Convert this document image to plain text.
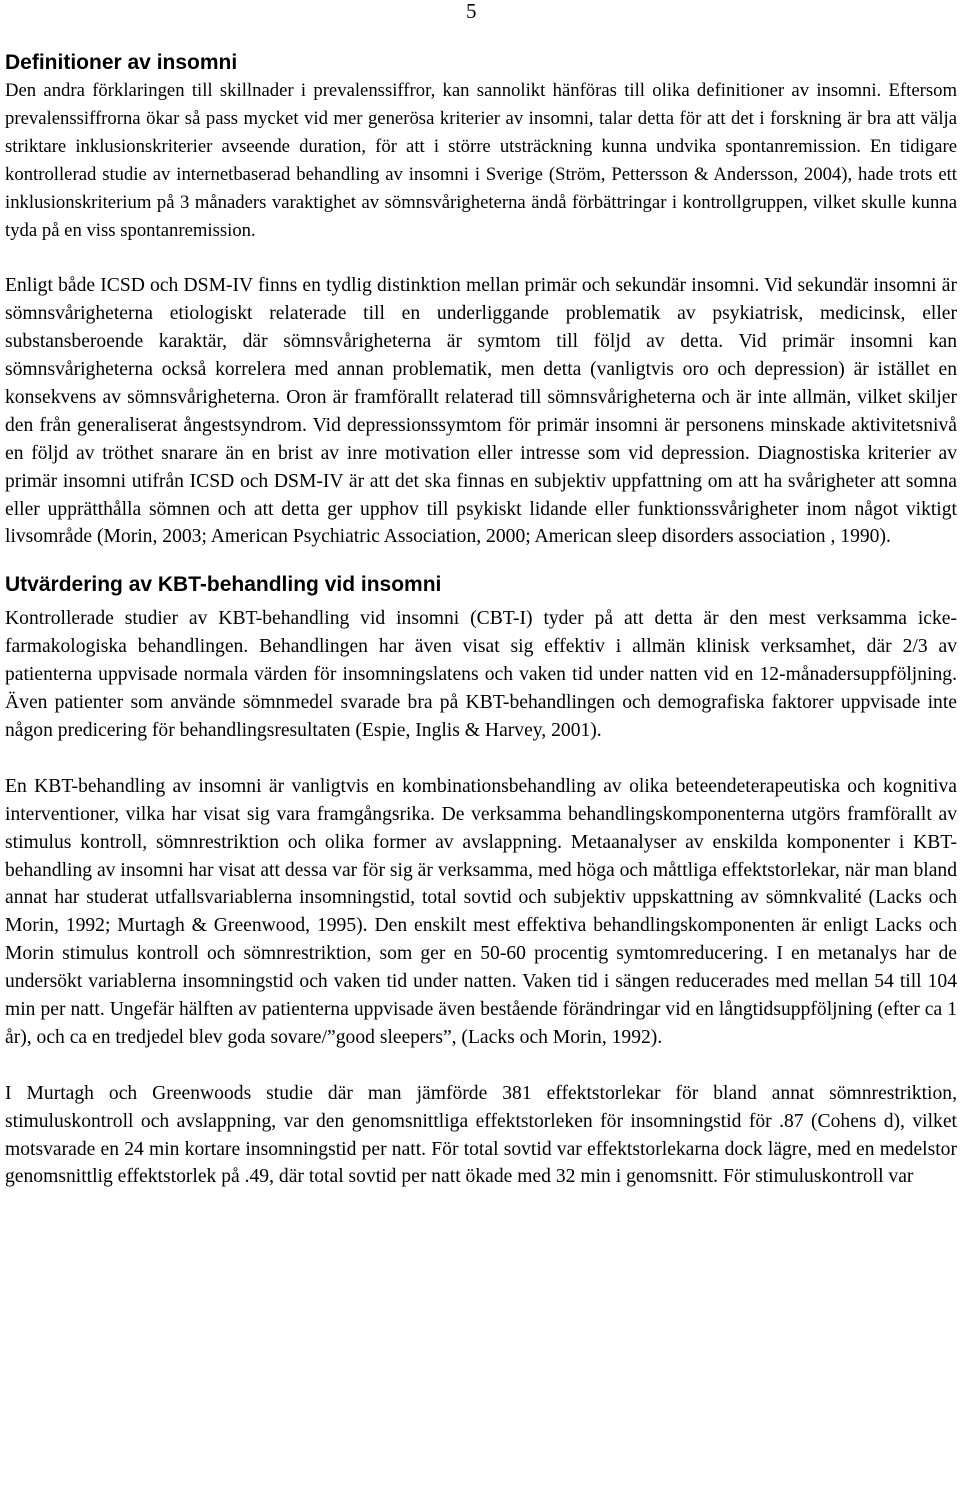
5
Definitioner av insomni

Den andra förklaringen till skillnader i prevalenssiffror, kan sannolikt hänföras till olika definitioner av insomni. Eftersom prevalenssiffrorna ökar så pass mycket vid mer generösa kriterier av insomni, talar detta för att det i forskning är bra att välja striktare inklusionskriterier avseende duration, för att i större utsträckning kunna undvika spontanremission. En tidigare kontrollerad studie av internetbaserad behandling av insomni i Sverige (Ström, Pettersson & Andersson, 2004), hade trots ett inklusionskriterium på 3 månaders varaktighet av sömnsvårigheterna ändå förbättringar i kontrollgruppen, vilket skulle kunna tyda på en viss spontanremission.

Enligt både ICSD och DSM-IV finns en tydlig distinktion mellan primär och sekundär insomni. Vid sekundär insomni är sömnsvårigheterna etiologiskt relaterade till en underliggande problematik av psykiatrisk, medicinsk, eller substansberoende karaktär, där sömnsvårigheterna är symtom till följd av detta. Vid primär insomni kan sömnsvårigheterna också korrelera med annan problematik, men detta (vanligtvis oro och depression) är istället en konsekvens av sömnsvårigheterna. Oron är framförallt relaterad till sömnsvårigheterna och är inte allmän, vilket skiljer den från generaliserat ångestsyndrom. Vid depressionssymtom för primär insomni är personens minskade aktivitetsnivå en följd av tröthet snarare än en brist av inre motivation eller intresse som vid depression. Diagnostiska kriterier av primär insomni utifrån ICSD och DSM-IV är att det ska finnas en subjektiv uppfattning om att ha svårigheter att somna eller upprätthålla sömnen och att detta ger upphov till psykiskt lidande eller funktionssvårigheter inom något viktigt livsområde (Morin, 2003; American Psychiatric Association, 2000; American sleep disorders association , 1990).

Utvärdering av KBT-behandling vid insomni

Kontrollerade studier av KBT-behandling vid insomni (CBT-I) tyder på att detta är den mest verksamma icke-farmakologiska behandlingen. Behandlingen har även visat sig effektiv i allmän klinisk verksamhet, där 2/3 av patienterna uppvisade normala värden för insomningslatens och vaken tid under natten vid en 12-månadersuppföljning. Även patienter som använde sömnmedel svarade bra på KBT-behandlingen och demografiska faktorer uppvisade inte någon predicering för behandlingsresultaten (Espie, Inglis & Harvey, 2001).

En KBT-behandling av insomni är vanligtvis en kombinationsbehandling av olika beteendeterapeutiska och kognitiva interventioner, vilka har visat sig vara framgångsrika. De verksamma behandlingskomponenterna utgörs framförallt av stimulus kontroll, sömnrestriktion och olika former av avslappning. Metaanalyser av enskilda komponenter i KBT-behandling av insomni har visat att dessa var för sig är verksamma, med höga och måttliga effektstorlekar, när man bland annat har studerat utfallsvariablerna insomningstid, total sovtid och subjektiv uppskattning av sömnkvalité (Lacks och Morin, 1992; Murtagh & Greenwood, 1995). Den enskilt mest effektiva behandlingskomponenten är enligt Lacks och Morin stimulus kontroll och sömnrestriktion, som ger en 50-60 procentig symtomreducering. I en metanalys har de undersökt variablerna insomningstid och vaken tid under natten. Vaken tid i sängen reducerades med mellan 54 till 104 min per natt. Ungefär hälften av patienterna uppvisade även bestående förändringar vid en långtidsuppföljning (efter ca 1 år), och ca en tredjedel blev goda sovare/”good sleepers”, (Lacks och Morin, 1992).

I Murtagh och Greenwoods studie där man jämförde 381 effektstorlekar för bland annat sömnrestriktion, stimuluskontroll och avslappning, var den genomsnittliga effektstorleken för insomningstid för .87 (Cohens d), vilket motsvarade en 24 min kortare insomningstid per natt. För total sovtid var effektstorlekarna dock lägre, med en medelstor genomsnittlig effektstorlek på .49, där total sovtid per natt ökade med 32 min i genomsnitt. För stimuluskontroll var
